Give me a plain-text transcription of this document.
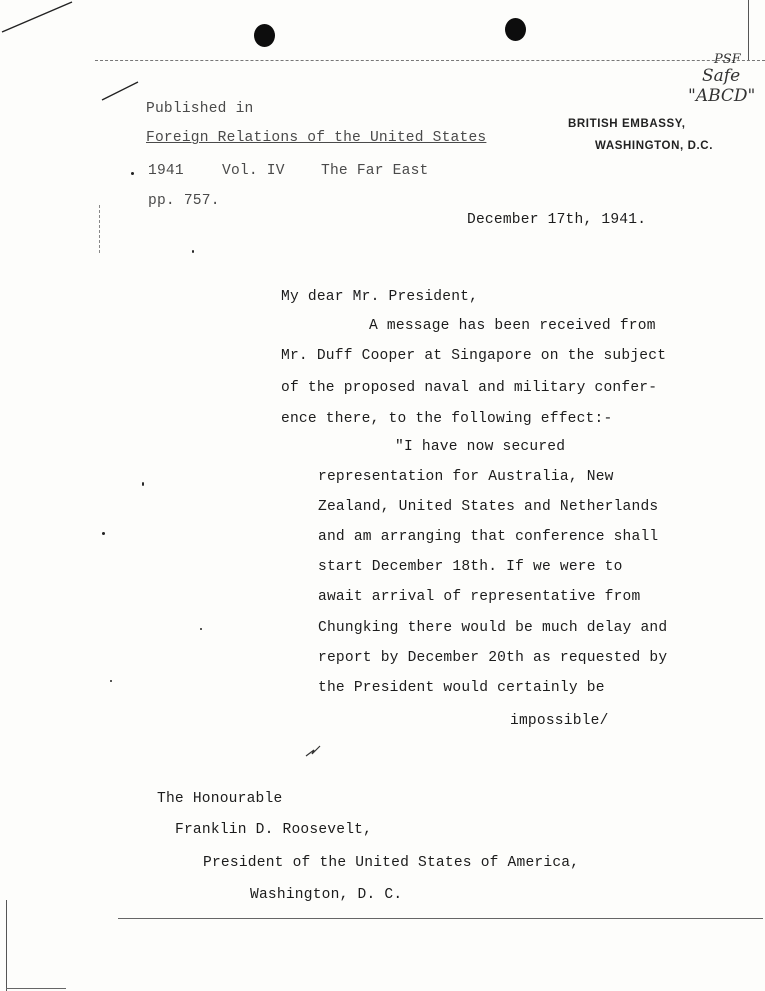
Published in
Foreign Relations of the United States
1941	Vol. IV The Far East
pp. 757.
PSF
Safe
"ABCD"
BRITISH EMBASSY,
WASHINGTON, D.C.
December 17th, 1941.
My dear Mr. President,
A message has been received from
Mr. Duff Cooper at Singapore on the subject
of the proposed naval and military confer-
ence there, to the following effect:-
"I have now secured
representation for Australia, New
Zealand, United States and Netherlands
and am arranging that conference shall
start December 18th. If we were to
await arrival of representative from
Chungking there would be much delay and
report by December 20th as requested by
the President would certainly be
impossible/
The Honourable
Franklin D. Roosevelt,
President of the United States of America,
Washington, D. C.
